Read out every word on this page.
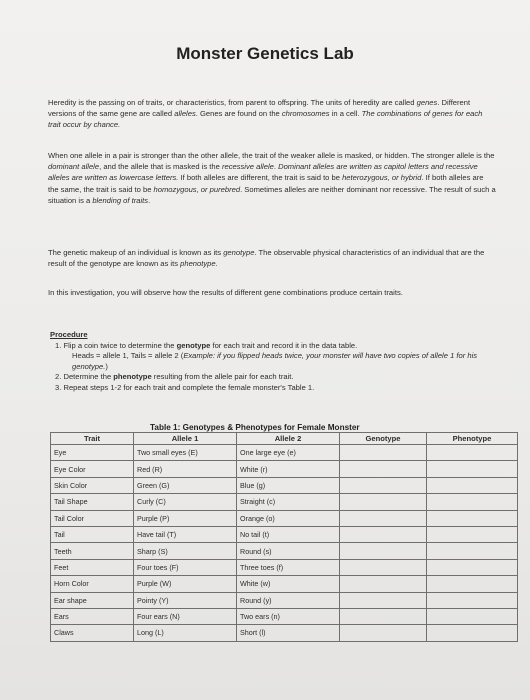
Monster Genetics Lab
Heredity is the passing on of traits, or characteristics, from parent to offspring. The units of heredity are called genes. Different versions of the same gene are called alleles. Genes are found on the chromosomes in a cell. The combinations of genes for each trait occur by chance.
When one allele in a pair is stronger than the other allele, the trait of the weaker allele is masked, or hidden. The stronger allele is the dominant allele, and the allele that is masked is the recessive allele. Dominant alleles are written as capitol letters and recessive alleles are written as lowercase letters. If both alleles are different, the trait is said to be heterozygous, or hybrid. If both alleles are the same, the trait is said to be homozygous, or purebred. Sometimes alleles are neither dominant nor recessive. The result of such a situation is a blending of traits.
The genetic makeup of an individual is known as its genotype. The observable physical characteristics of an individual that are the result of the genotype are known as its phenotype.
In this investigation, you will observe how the results of different gene combinations produce certain traits.
Procedure
1. Flip a coin twice to determine the genotype for each trait and record it in the data table.
Heads = allele 1, Tails = allele 2 (Example: if you flipped heads twice, your monster will have two copies of allele 1 for his genotype.)
2. Determine the phenotype resulting from the allele pair for each trait.
3. Repeat steps 1-2 for each trait and complete the female monster's Table 1.
Table 1: Genotypes & Phenotypes for Female Monster
Trait	Allele 1	Allele 2	Genotype	Phenotype
Eye	Two small eyes (E)	One large eye (e)		
Eye Color	Red (R)	White (r)		
Skin Color	Green (G)	Blue (g)		
Tail Shape	Curly (C)	Straight (c)		
Tail Color	Purple (P)	Orange (o)		
Tail	Have tail (T)	No tail (t)		
Teeth	Sharp (S)	Round (s)		
Feet	Four toes (F)	Three toes (f)		
Horn Color	Purple (W)	White (w)		
Ear shape	Pointy (Y)	Round (y)		
Ears	Four ears (N)	Two ears (n)		
Claws	Long (L)	Short (l)		
